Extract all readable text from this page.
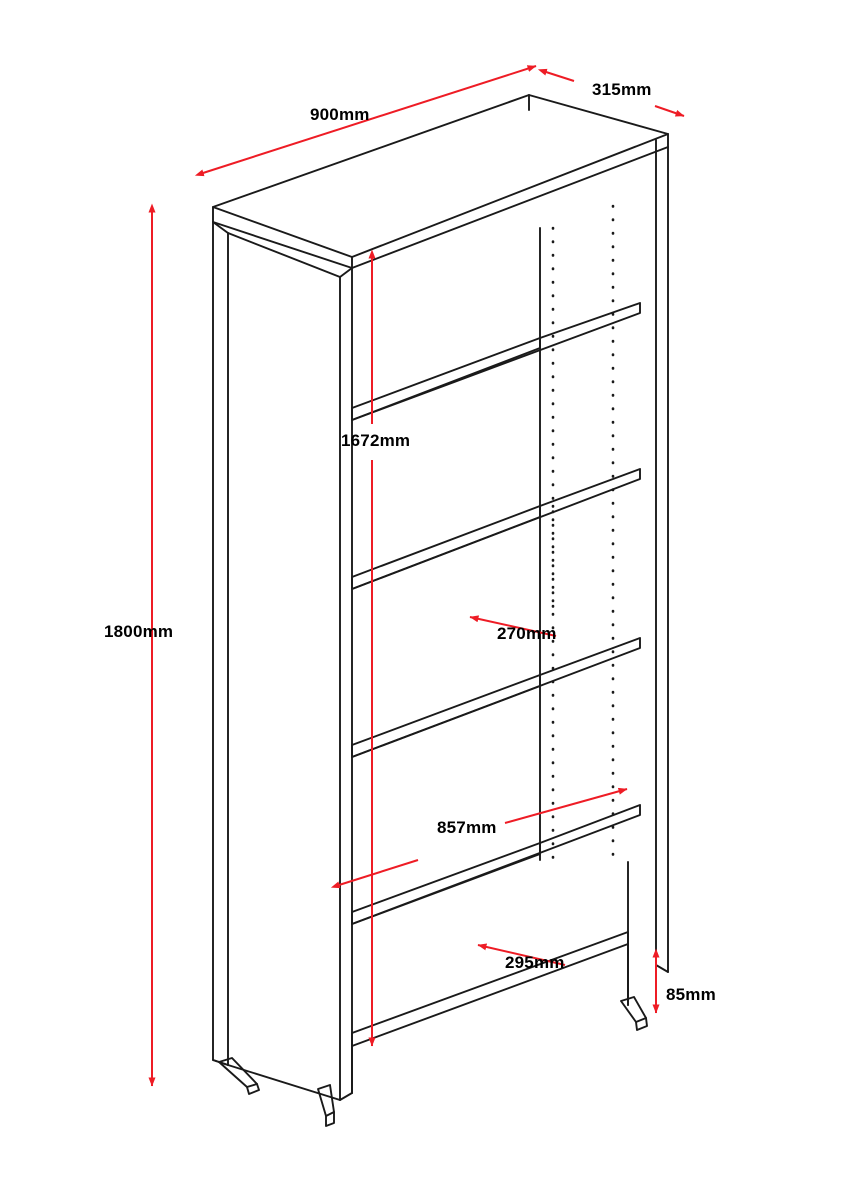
900mm
315mm
1800mm
1672mm
270mm
857mm
295mm
85mm
